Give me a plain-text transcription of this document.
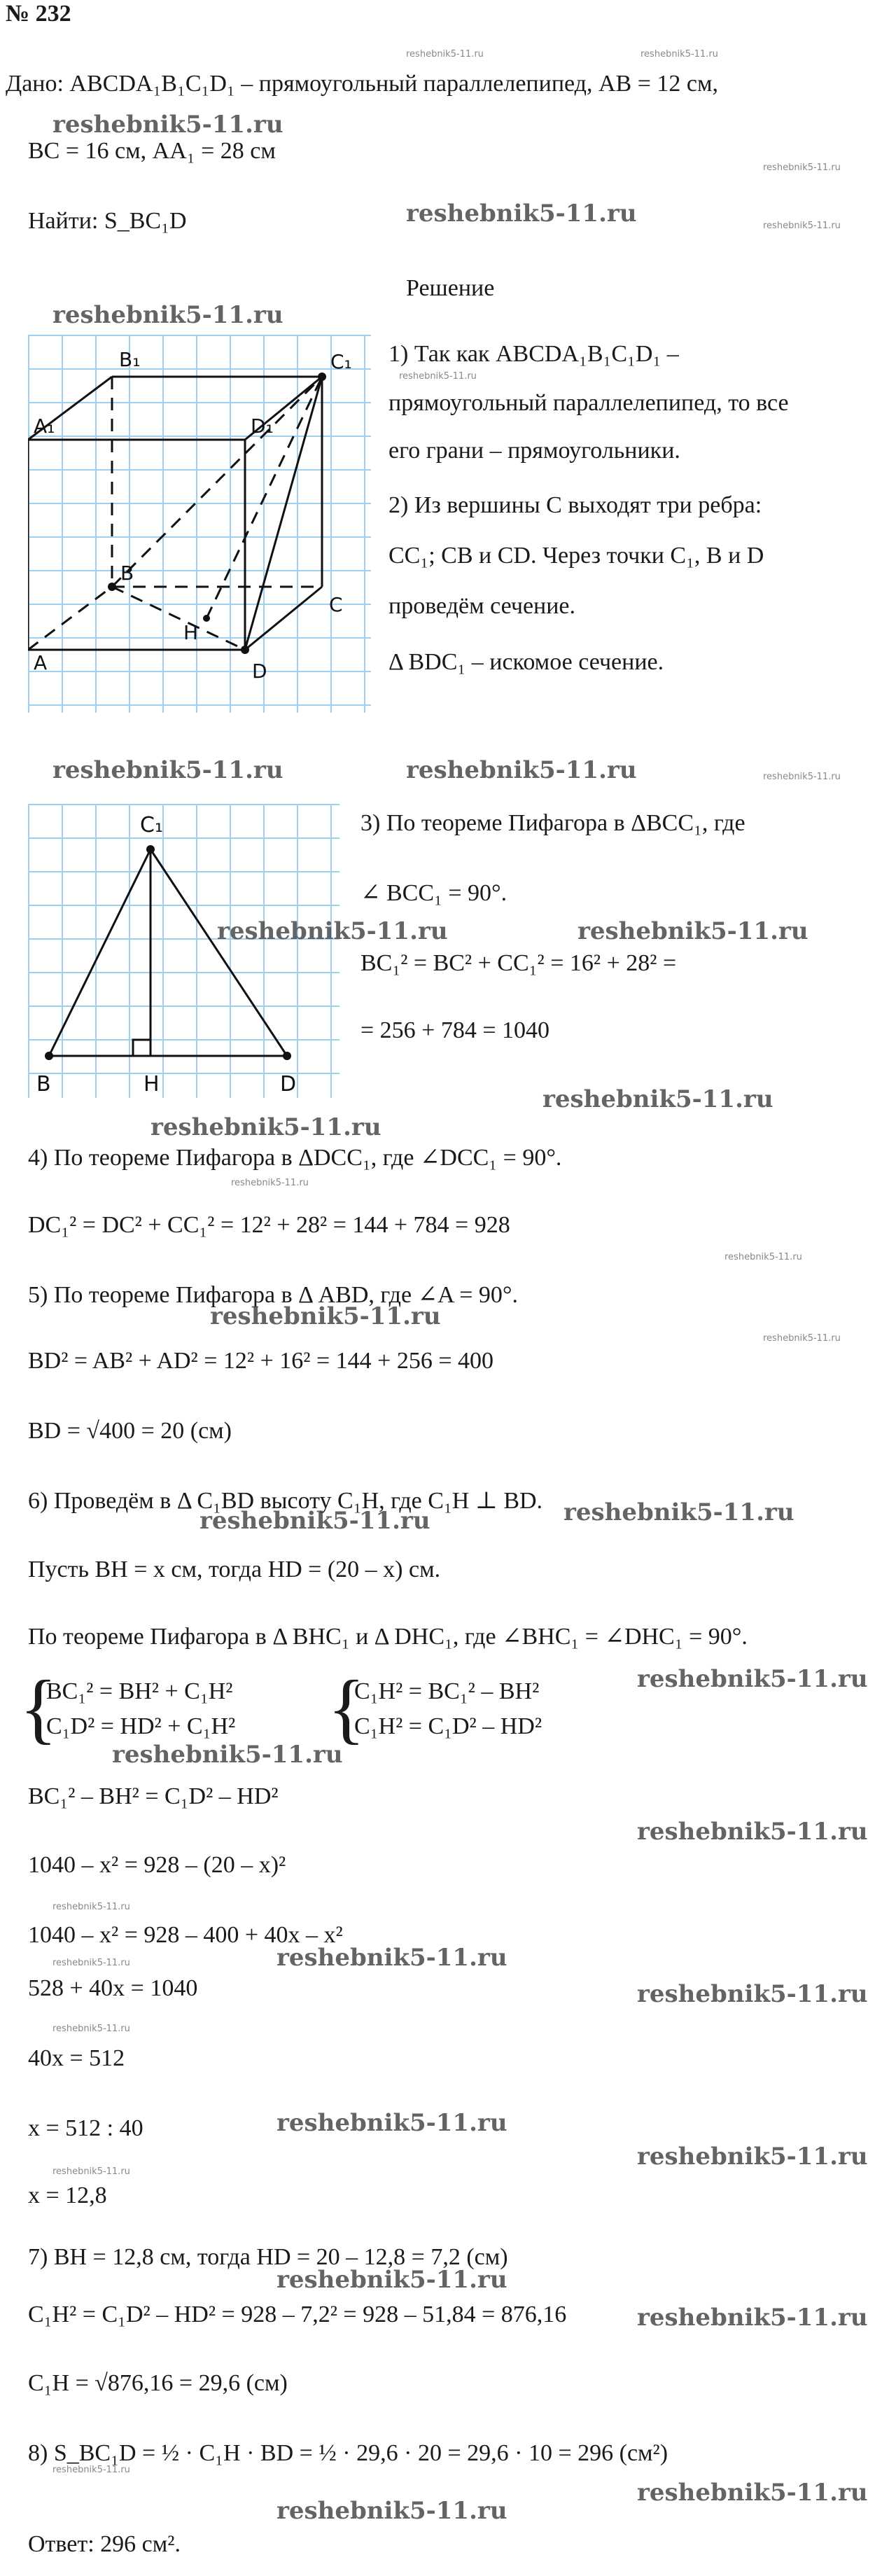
№ 232
Дано: ABCDA₁B₁C₁D₁ – прямоугольный параллелепипед, AB = 12 см,
BC = 16 см, AA₁ = 28 см
Найти: S_BC₁D
Решение
A
B
C
D
A₁
B₁	C₁
D₁
H
1) Так как ABCDA₁B₁C₁D₁ –
прямоугольный параллелепипед, то все
его грани – прямоугольники.
2) Из вершины C выходят три ребра:
CC₁; CB и CD. Через точки C₁, B и D
проведём сечение.
Δ BDC₁ – искомое сечение.
C₁
B	H	D
3) По теореме Пифагора в ΔBCC₁, где
∠ BCC₁ = 90°.
BC₁² = BC² + CC₁² = 16² + 28² =
= 256 + 784 = 1040
4) По теореме Пифагора в ΔDCC₁, где ∠DCC₁ = 90°.
DC₁² = DC² + CC₁² = 12² + 28² = 144 + 784 = 928
5) По теореме Пифагора в Δ ABD, где ∠A = 90°.
BD² = AB² + AD² = 12² + 16² = 144 + 256 = 400
BD = √400 = 20 (см)
6) Проведём в Δ C₁BD высоту C₁H, где C₁H ⊥ BD.
Пусть BH = x см, тогда HD = (20 – x) см.
По теореме Пифагора в Δ BHC₁ и Δ DHC₁, где ∠BHC₁ = ∠DHC₁ = 90°.
{
BC₁² = BH² + C₁H²
C₁D² = HD² + C₁H² {
C₁H² = BC₁² – BH²
C₁H² = C₁D² – HD²
BC₁² – BH² = C₁D² – HD²
1040 – x² = 928 – (20 – x)²
1040 – x² = 928 – 400 + 40x – x²
528 + 40x = 1040
40x = 512
x = 512 : 40
x = 12,8
7) BH = 12,8 см, тогда HD = 20 – 12,8 = 7,2 (см)
C₁H² = C₁D² – HD² = 928 – 7,2² = 928 – 51,84 = 876,16
C₁H = √876,16 = 29,6 (см)
8) S_BC₁D = ½ · C₁H · BD = ½ · 29,6 · 20 = 29,6 · 10 = 296 (см²)
Ответ: 296 см².
reshebnik5-11.ru
reshebnik5-11.ru
reshebnik5-11.ru
reshebnik5-11.ru	reshebnik5-11.ru
reshebnik5-11.ru	reshebnik5-11.ru
reshebnik5-11.ru
reshebnik5-11.ru
reshebnik5-11.ru
reshebnik5-11.ru	reshebnik5-11.ru
reshebnik5-11.ru
reshebnik5-11.ru
reshebnik5-11.ru
reshebnik5-11.ru
reshebnik5-11.ru
reshebnik5-11.ru
reshebnik5-11.ru
reshebnik5-11.ru
reshebnik5-11.ru
reshebnik5-11.ru
reshebnik5-11.ru
reshebnik5-11.ru	reshebnik5-11.ru
reshebnik5-11.ru
reshebnik5-11.ru
reshebnik5-11.ru
reshebnik5-11.ru
reshebnik5-11.ru
reshebnik5-11.ru
reshebnik5-11.ru
reshebnik5-11.ru
reshebnik5-11.ru
reshebnik5-11.ru
reshebnik5-11.ru
reshebnik5-11.ru
